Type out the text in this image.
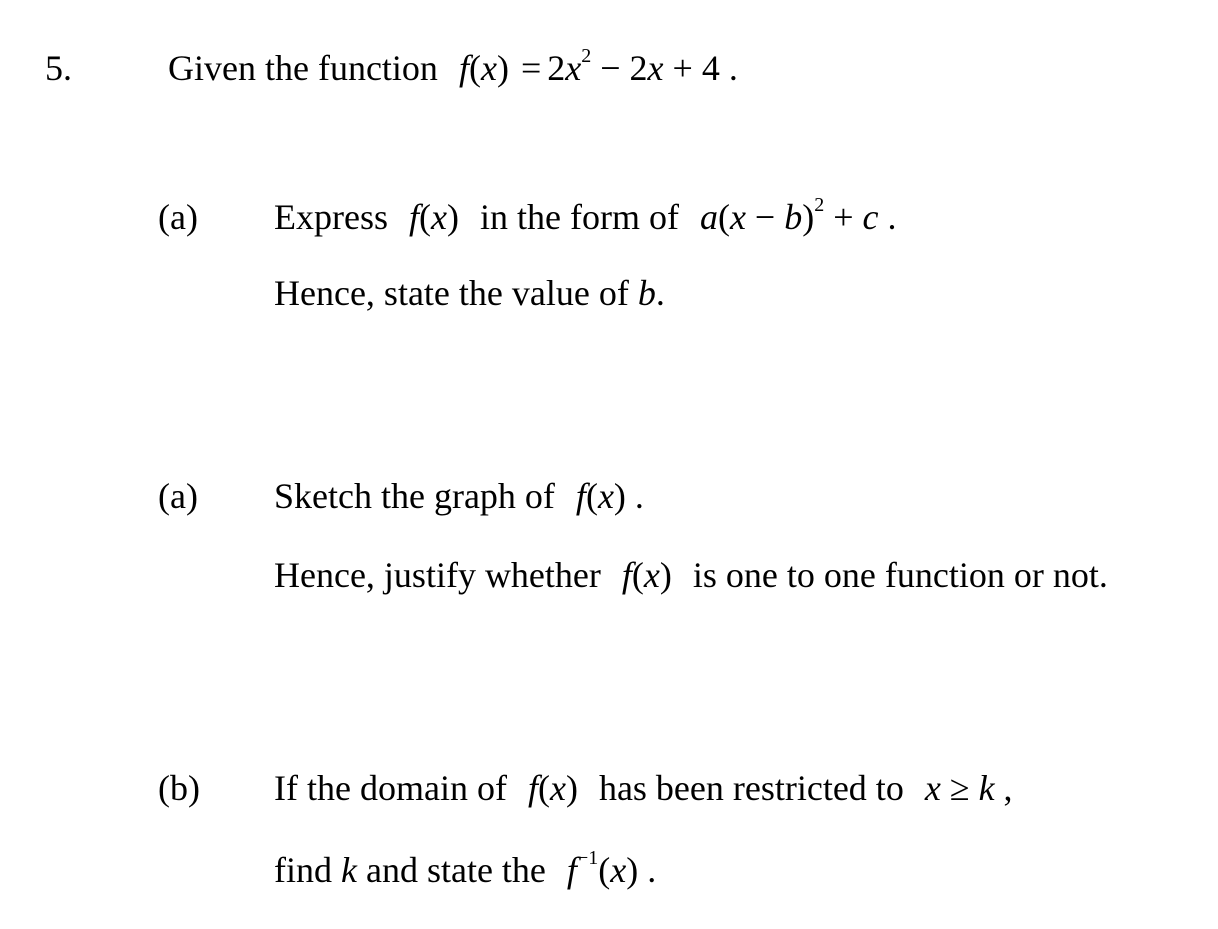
5.	Given the function $f(x) = 2x^2 - 2x + 4$ .
(a) Express f(x) in the form of $a(x - b)^2 + c$ .
Hence, state the value of b.
(a) Sketch the graph of f(x) .
Hence, justify whether f(x) is one to one function or not.
(b) If the domain of f(x) has been restricted to x ≥ k ,
find k and state the $f^{-1}(x)$ .
